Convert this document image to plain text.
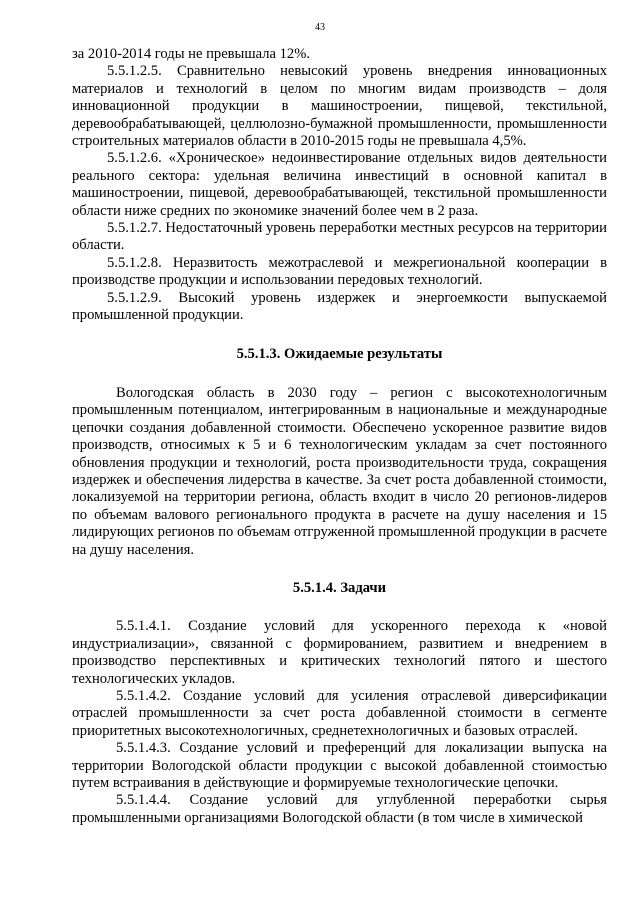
43

за 2010-2014 годы не превышала 12%.

5.5.1.2.5. Сравнительно невысокий уровень внедрения инновационных материалов и технологий в целом по многим видам производств – доля инновационной продукции в машиностроении, пищевой, текстильной, деревообрабатывающей, целлюлозно-бумажной промышленности, промышленности строительных материалов области в 2010-2015 годы не превышала 4,5%.

5.5.1.2.6. «Хроническое» недоинвестирование отдельных видов деятельности реального сектора: удельная величина инвестиций в основной капитал в машиностроении, пищевой, деревообрабатывающей, текстильной промышленности области ниже средних по экономике значений более чем в 2 раза.

5.5.1.2.7. Недостаточный уровень переработки местных ресурсов на территории области.

5.5.1.2.8. Неразвитость межотраслевой и межрегиональной кооперации в производстве продукции и использовании передовых технологий.

5.5.1.2.9. Высокий уровень издержек и энергоемкости выпускаемой промышленной продукции.

5.5.1.3. Ожидаемые результаты

Вологодская область в 2030 году – регион с высокотехнологичным промышленным потенциалом, интегрированным в национальные и международные цепочки создания добавленной стоимости. Обеспечено ускоренное развитие видов производств, относимых к 5 и 6 технологическим укладам за счет постоянного обновления продукции и технологий, роста производительности труда, сокращения издержек и обеспечения лидерства в качестве. За счет роста добавленной стоимости, локализуемой на территории региона, область входит в число 20 регионов-лидеров по объемам валового регионального продукта в расчете на душу населения и 15 лидирующих регионов по объемам отгруженной промышленной продукции в расчете на душу населения.

5.5.1.4. Задачи

5.5.1.4.1. Создание условий для ускоренного перехода к «новой индустриализации», связанной с формированием, развитием и внедрением в производство перспективных и критических технологий пятого и шестого технологических укладов.

5.5.1.4.2. Создание условий для усиления отраслевой диверсификации отраслей промышленности за счет роста добавленной стоимости в сегменте приоритетных высокотехнологичных, среднетехнологичных и базовых отраслей.

5.5.1.4.3. Создание условий и преференций для локализации выпуска на территории Вологодской области продукции с высокой добавленной стоимостью путем встраивания в действующие и формируемые технологические цепочки.

5.5.1.4.4. Создание условий для углубленной переработки сырья промышленными организациями Вологодской области (в том числе в химической
